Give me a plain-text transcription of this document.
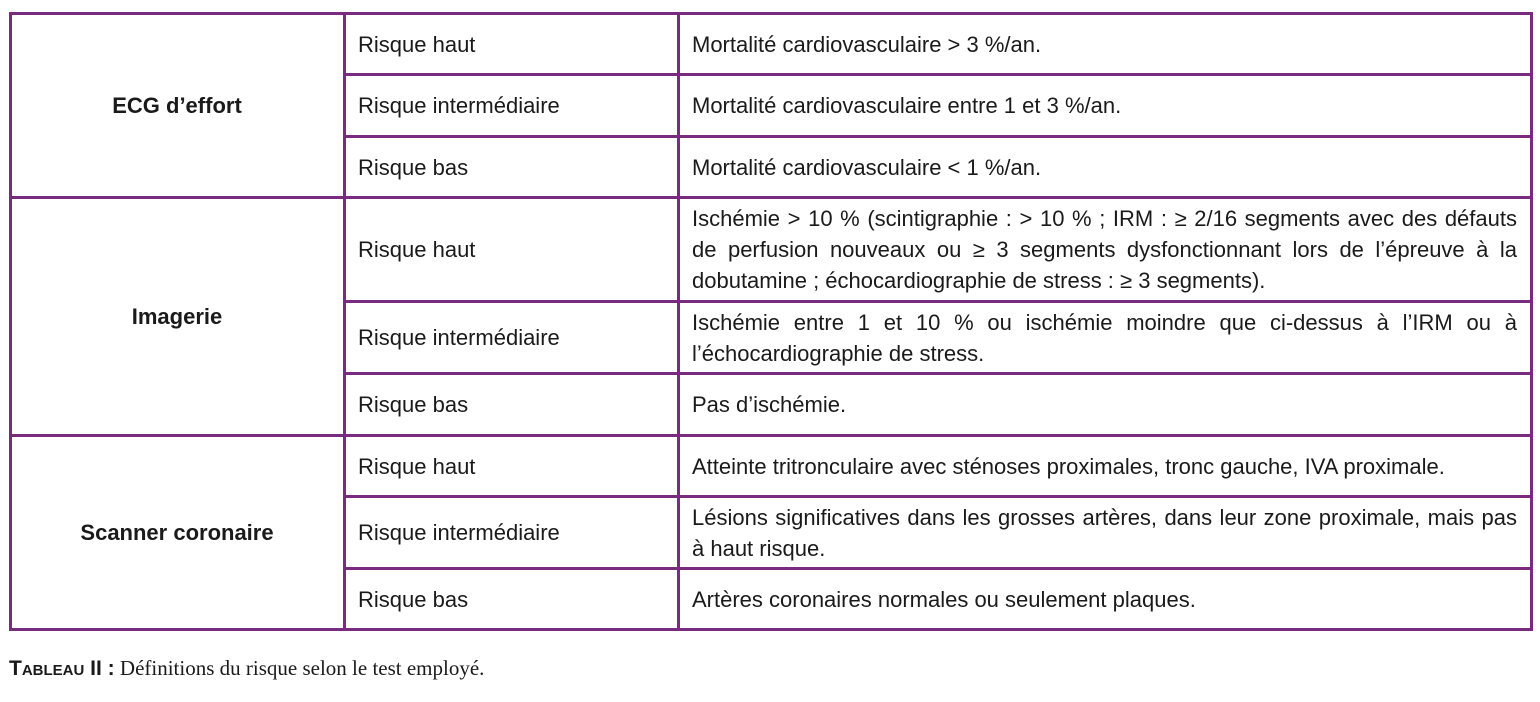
ECG d’effort	Risque haut	Mortalité cardiovasculaire > 3 %/an.
	Risque intermédiaire	Mortalité cardiovasculaire entre 1 et 3 %/an.
	Risque bas	Mortalité cardiovasculaire < 1 %/an.
Imagerie	Risque haut	Ischémie > 10 % (scintigraphie : > 10 % ; IRM : ≥ 2/16 segments avec des défauts de perfusion nouveaux ou ≥ 3 segments dysfonctionnant lors de l’épreuve à la dobutamine ; échocardiographie de stress : ≥ 3 segments).
	Risque intermédiaire	Ischémie entre 1 et 10 % ou ischémie moindre que ci-dessus à l’IRM ou à l’échocardiographie de stress.
	Risque bas	Pas d’ischémie.
Scanner coronaire	Risque haut	Atteinte tritronculaire avec sténoses proximales, tronc gauche, IVA proximale.
	Risque intermédiaire	Lésions significatives dans les grosses artères, dans leur zone proximale, mais pas à haut risque.
	Risque bas	Artères coronaires normales ou seulement plaques.
Tableau II : Définitions du risque selon le test employé.
